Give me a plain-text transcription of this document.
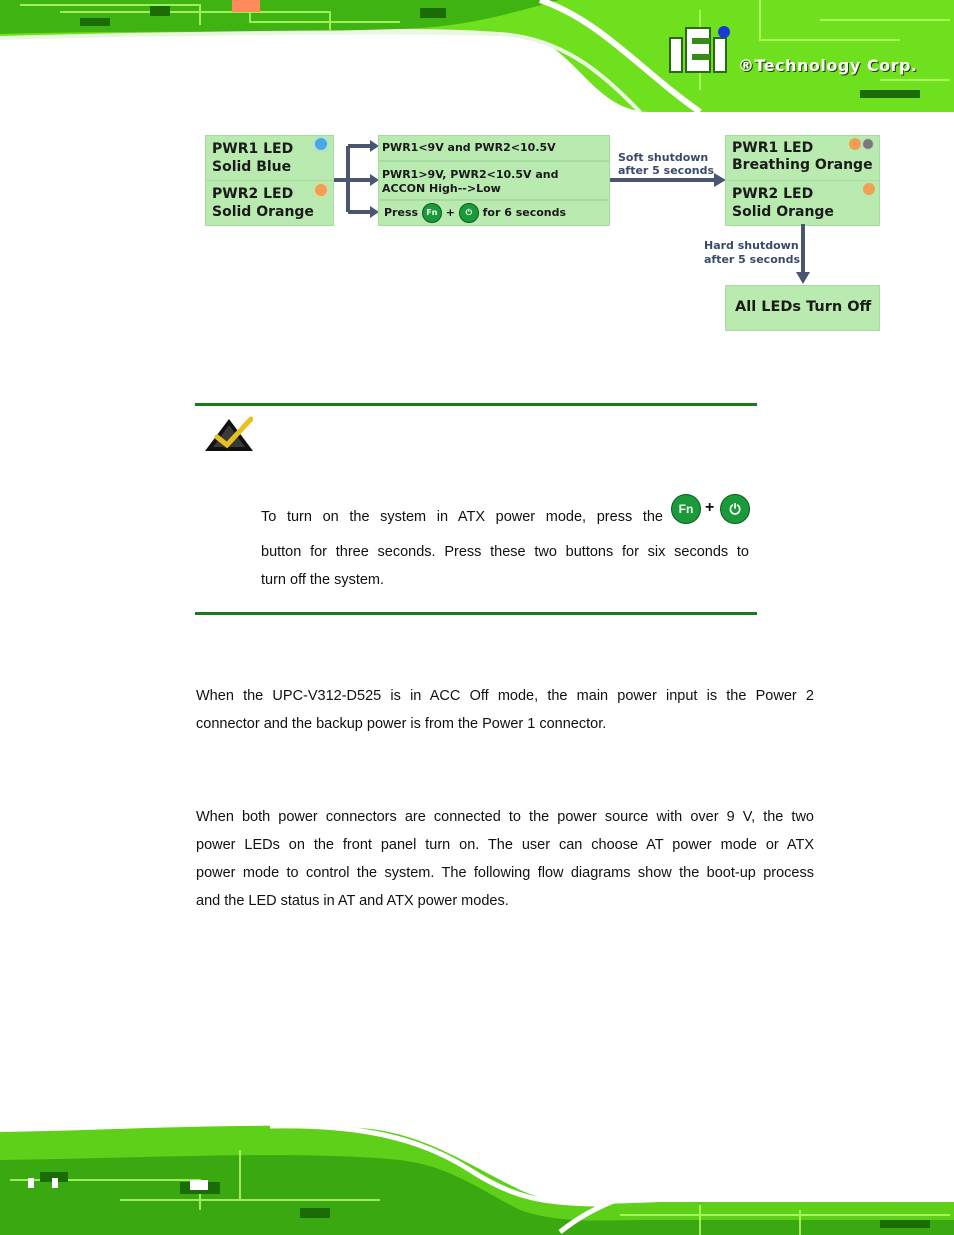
®Technology Corp.
PWR1 LED
Solid Blue
PWR2 LED
Solid Orange
PWR1<9V and PWR2<10.5V
PWR1>9V, PWR2<10.5V and
ACCON High-->Low
Press Fn + ⏻ for 6 seconds
Soft shutdown
after 5 seconds
PWR1 LED
Breathing Orange
PWR2 LED
Solid Orange
Hard shutdown
after 5 seconds
All LEDs Turn Off
To turn on the system in ATX power mode, press the	Fn +	⏻
button for three seconds. Press these two buttons for six seconds to
turn off the system.
When the UPC-V312-D525 is in ACC Off mode, the main power input is the Power 2
connector and the backup power is from the Power 1 connector.
When both power connectors are connected to the power source with over 9 V, the two
power LEDs on the front panel turn on. The user can choose AT power mode or ATX
power mode to control the system. The following flow diagrams show the boot-up process
and the LED status in AT and ATX power modes.
